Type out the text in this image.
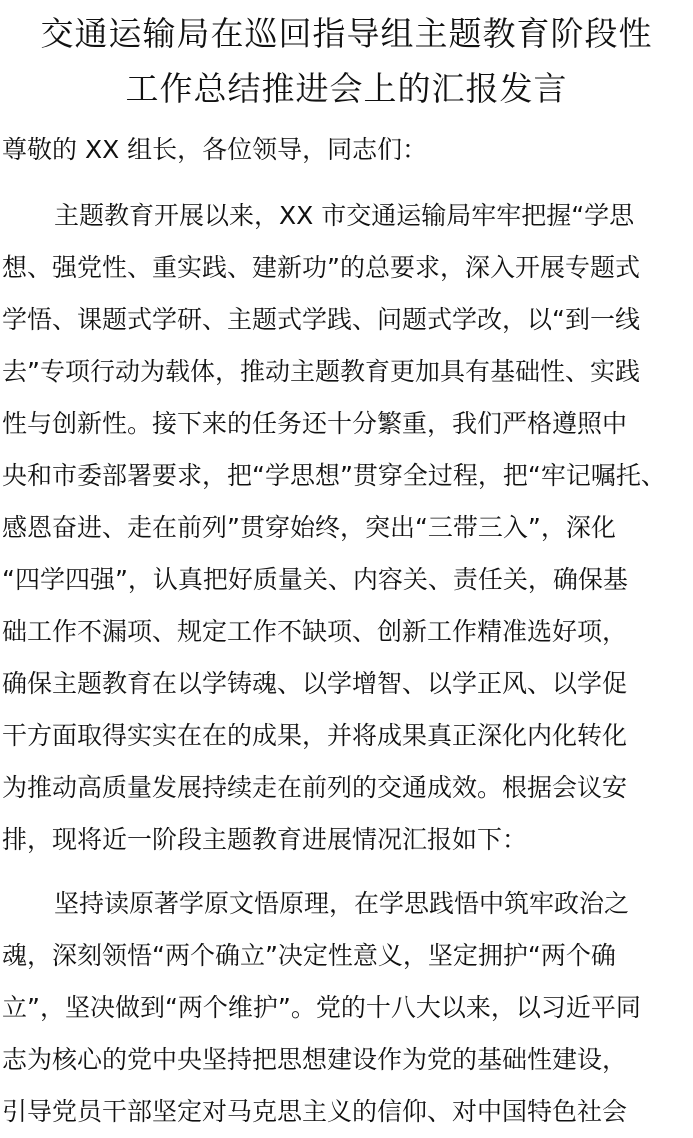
交通运输局在巡回指导组主题教育阶段性
工作总结推进会上的汇报发言

尊敬的 XX 组长，各位领导，同志们：

主题教育开展以来，XX 市交通运输局牢牢把握“学思
想、强党性、重实践、建新功”的总要求，深入开展专题式
学悟、课题式学研、主题式学践、问题式学改，以“到一线
去”专项行动为载体，推动主题教育更加具有基础性、实践
性与创新性。接下来的任务还十分繁重，我们严格遵照中
央和市委部署要求，把“学思想”贯穿全过程，把“牢记嘱托、
感恩奋进、走在前列”贯穿始终，突出“三带三入”，深化
“四学四强”，认真把好质量关、内容关、责任关，确保基
础工作不漏项、规定工作不缺项、创新工作精准选好项，
确保主题教育在以学铸魂、以学增智、以学正风、以学促
干方面取得实实在在的成果，并将成果真正深化内化转化
为推动高质量发展持续走在前列的交通成效。根据会议安
排，现将近一阶段主题教育进展情况汇报如下：
坚持读原著学原文悟原理，在学思践悟中筑牢政治之
魂，深刻领悟“两个确立”决定性意义，坚定拥护“两个确
立”，坚决做到“两个维护”。党的十八大以来，以习近平同
志为核心的党中央坚持把思想建设作为党的基础性建设，
引导党员干部坚定对马克思主义的信仰、对中国特色社会
